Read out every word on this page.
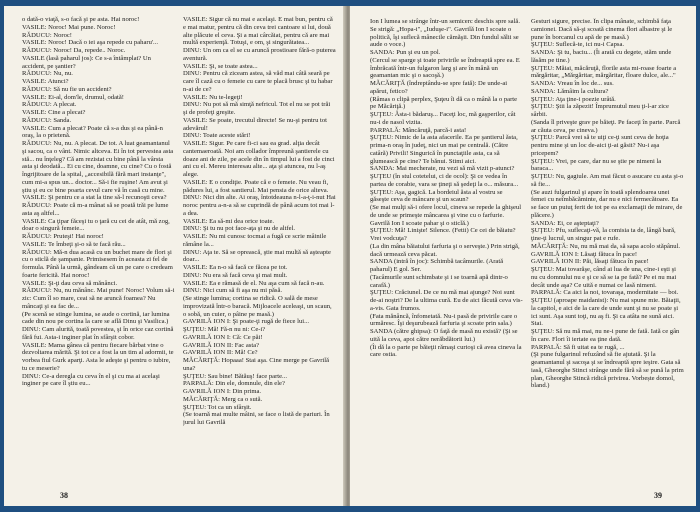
o dată-o viaţă, s-o facă şi pe asta. Hai noroc!
VASILE: Noroc! Mai pune. Noroc!
RĂDUCU: Noroc!
VASILE: Noroc! Dacă o iei aşa repede cu paharu'...
RĂDUCU: Noroc! Da, repede.. Noroc.
VASILE (lasă paharul jos): Ce s-a întâmplat? Un accident, pe şantier?
RĂDUCU: Nu, nu.
VASILE: Atunci?
RĂDUCU: Să nu fie un accident?
VASILE: Ei-al, dom'le, drumul, odată!
RĂDUCU: A plecat.
VASILE: Cine a plecat?
RĂDUCU: Sanda.
VASILE: Cum a plecat? Poate că s-a dus şi ea până-n oraş, la o prietenă.
RĂDUCU: Nu, nu. A plecat. De tot. A luat geamantanul şi sacou, ca o vânt. Nimic altceva. Ei în tot pervestea asta stă... nu înţeleg? Că am rezistat cu bine până la vârsta asta şi deodată... Ei cu cine, doamne, cu cine? Cu o fostă îngrijitoare de la spital, „accesibilă fără mari instanţe", cum mi-a spus un... doctor... Să-i fie ruşine! Am avut şi ştiu şi eu ce bine poarta cevul care vă în casă cu mine.
VASILE: Şi pentru ce a stat la tine să-l recunoşti ceva?
RĂDUCU: Poate că m-a mânat să se poată trăi pe lume asta aş altfel...
VASILE: Ca ţipar făceşi tu o ţară cu cei de atât, mă zog, doar o singură femeie...
RĂDUCU: Pruteşi! Hai noroc!
VASILE: Te îmbeţi şi-o să te facă rău...
RĂDUCU: Mă-n dua acasă cu un buchet mare de flori şi cu o sticlă de şampanie. Primisesem în aceasta zi fel de formula. Până la urmă, gândeam că un pe care o credeam foarte fericită. Hai noroc!
VASILE: Şi-ţi dau ceva să mănânci.
RĂDUCU: Nu, nu mănânc. Mai pune! Noroc! Volum să-i zic: Cum îl so mare, ceai să ne aruncă foamea? Nu mâncaţi şi ea fac de...
(Pe scenă se stinge lumina, se aude o cortină, iar lumina cade din nou pe cortina la care se află Dinu şi Vasilica.)
DINU: Cam alurită, toată povestea, şi în orice caz cortină fără fui. Asta-i inginer plat în sfârşit cobor.
VASILE: Mama gânea că pentru fiecare bărbat vine o dezvoltarea mărită. Şi tot ce a fost la un tim al adormii, te vorbea fiul Gurk aparţi. Asta le adeşte şi pentru o iubire, tu ce meserie?
DINU: Ce-a deregla cu ceva în el şi cu ma ai acelaşi inginer pe care îl ştiu eu...
VASILE: Sigur că nu mai e acelaşi. E mai bun, pentru că e mai matur, pentru că din ceva trei cantoare si lui, două alte plăcute el ceva. Şi a mai cârcăiat, pentru că are mai multă experienţă. Totuşi, e om, şi singurătatea...
DINU: Un om ca el se cu aruncă prostioare fără-o puterea aventură.
VASILE: Şi, se toate astea...
DINU: Pentru că ziceam astea, să văd mai câtă seară pe care îl cază cu o femeie cu care te placă brusc şi tu habar n-ai de ce?
VASILE: Nu te-legeţi!
DINU: Nu pot să mă simţă nefricul. Tot el nu se pot trăi şi de profeţi greşite.
VASILE: Se poate, trecutul directe! Se nu-şi pentru tot adevărul!
DINU: Toate aceste stări!
VASILE: Sigur. Pe care fi-ci sau ea grad. alţia decât cantemaeroată. Noi am collador împreună şantierele cu doaze ani de zile, pe acele din în timpul lui a fost de cinci ani cu el. Mereu interesau alte... aţa şi atuncea, nu l-aş alege.
VASILE: E o condiţie. Poate că e o femeie. Nu veau fi, pădures lui, a fost santierul. Mai pensia de orice alteva.
DINU: Nici din alte. Ai oraş, întotdeauna n-l-a-ţ-i-nut Hai noroc pentru a-n-a să se cuprindă de până acum tot mai l-a dea.
VASILE: Ea să-mi dea orice toate.
DINU: Şi tu nu pot face-aţa şi nu de altfel.
VASILE: Nu mi cunosc tocmai a fugă ce scrie mâinile rămâne la...
DINU: Aţa te. Să se oprească, ştie mai multă să aşteapte doar...
VASILE: Ea n-o să facă ce făcea pe tot.
DINU: Nu era să facă ceva şi mai mult.
VASILE: Ea e rămasă de el. Nu aşa cum să facă n-au.
DINU: Nici cum să fi aşa nu mi păsă.
(Se stinge lumina; cortina se ridică. O sală de mese improvizată într-o baracă. Mijloacele aceleaşi, un scaun, o sobă, un cuier, o pâine pe masă.)
GAVRILĂ ION I: Şi poate-ţi rugă de fiece lui...
ŞUŢEU: Mă! Fă-n nu ni: Ce-i?
GAVRILĂ ION I: Că: Ce păi!
GAVRILĂ ION II: Fac asta?
GAVRILĂ ION II: Mă! Ce?
MĂCĂRIŢĂ: Hopaaa! Stai aşa. Cine merge pe Gavrilă una?
ŞUŢEU: Sau bine! Bătăuş! face parte...
PARPALĂ: Din ele, domnule, din ele?
GAVRILĂ ION I: Din prima.
MĂCĂRIŢĂ: Merg ca o sută.
ŞUŢEU: Tot ca un sfârşit.
(Se toarnă mai multe mâini, se face o listă de pariuri. În jurul lui Gavrilă
38
Ion I lumea se strânge într-un semicerc deschis spre sală. Se strigă: „Hopa-i", „Iuduşe-i". Gavrilă Ion I scoate o politică, îşi suflecă mânecile cămăşii. Din fundul sălii se aude o voce.)
SANDA: Pun şi eu un pol.
(Cercul se sparge şi toate privirile se îndreaptă spre ea. E îmbrăcată într-un fulgaron larg şi are în mână un geamantan mic şi o sacoşă.)
MĂCĂRIŢĂ (îndreptându-se spre fată): De unde-ai apărut, fetico?
(Râmas o clipă perplex, Şuţeu îi dă ca o mână la o parte pe Măcăriţă.)
ŞUŢEU: Ăsta-i bădaruş... Faceţi loc, mă gaşperilor, cât nu-i de nasol vizita.
PARPALĂ: Mâncăruţă, parcă-i asta!
ŞUŢEU: Nimic de la asta afacerile. Ea pe şantierul ăsta, prima-n oraş în judeţ, nici un mai pe centrală. (Către catâră) Privili! Singurică în punctaţiile asta, ca să glumească pe cine? Te bănui. Stimi aici.
SANDA: Mai mecherate, nu vezi să mă vizit p-atunci?
ŞUŢEU (în stul cotetelui, ci de ocol): Şi ce vedea în partea de corabie, vara se ţineţi să şedeţi la o... măsura...
ŞUŢEU: Aşa, gagică. La bordeiul ăsta al vostru se găseşte ceva de mâncare şi un scaun?
(Se mai mulţi să-i ofere locul, cineva se repede la ghişeul de unde se primeşte mâncarea şi vine cu o farfurie. Gavrilă Ion I scoate pahar şi o sticlă.)
ŞUŢEU: Mă! Linişte! Silence. (Fetii) Ce cei de băiatu? Vrei vodcuţa?
(La din mâna băiatului farfuria şi o serveşte.) Prin strigă, dacă urmează ceva păcat.
SANDA (intră în joc): Schimbă tacâmurile. (Arată paharul) E gol. Ser.
(Tacâmurile sunt schimbate şi i se toarnă apă dintr-o carafă.)
ŞUŢEU: Crăciunel. De ce nu mă mai ajunge? Noi sunt de-ai noştri? De la ultima cură. Eu de aici făcută ceva vis-a-vis. Gata frumos.
(Fata mănâncă, înfometată. Nu-i pasă de privirile care o urmăresc. Îşi deşurubează farfuria şi scoate prin sala.)
SANDA (către ghipsa): O faţă de masă nu există? (Şi se uită la ceva, apoi către nerăbdătorii lui.)
(Îi dă la o parte pe băieţii rămaşi curioşi că avea cineva la care ostia.
Gesturi sigure, precise. În clipa mânate, schimbă faţa camionei. Dacă să-şi scoată cinema flori albastre şi le pune în borcanul cu apă de pe masă.)
ŞUŢEU: Suflecă-te, ici nu-i Capsa.
SANDA: Şi tu, baciu... (Îi arată cu degete, stăm unde lăsăm pe tine.)
ŞUŢEU: Măiai, măcăruţă, florile asta mi-roase foarte a mărgăritar, „Mărgăritar, mărgăritar, floare dulce, ale..."
SANDA: Vreau în loc de... sus.
SANDA: Lămâim la cultura?
ŞUŢEU: Aţa ţine-i poezie urâtă.
ŞUŢEU: Ştii la zăpezit! Împrumutul meu ţi-l-ar zice sârbii.
(Sanda îl priveşte grav pe băieţi. Pe faceţi în parte. Parcă ar căuta ceva, pe cineva.)
ŞUŢEU: Parcă vrei să te uiţi ce-ţi sunt ceva de hoţia pentru mine şi un loc de-aici ţi-ai găsit? Nu-i aşa pricepem?
ŞUŢEU: Vrei, pe care, dar nu se ştie pe nimeni la baraca...
ŞUŢEU: Nu, gagiule. Am mai făcut o asucare cu asta şi-o să fie...
(Se auzi fulgarinul şi apare în toată splendoarea unei femei cu neîmbăcăminte, dar nu e nici fermecătoare. Ea se face un puiuţ ferit de tot pe ea exclamaţii de mirare, de plăcere.)
SANDA: Ei, ce aşteptaţi?
ŞUŢEU: Pfu, suflecaţi-vă, la comisia ta de, lângă bară, ţine-ţi lucrul, un singur pat e rufe.
MĂCĂRIŢĂ: Nu, nu mă mai da, să sapa acolo stăpânul.
GAVRILĂ ION I: Lăsaţi fătuca în pace!
GAVRILĂ ION II: Păi, lăsaţi fătuca în pace!
ŞUŢEU: Mai tovarăşe, când ai lua de una, cine-i eşti şi nu cu domnului nu e şi ce să se ia pe fată? Pe ei nu mai decât unde aşa? Ce uită e numai ce lasă nimeni.
PARPALĂ: Ca aici la noi, tovaraşa, modernitate — boi.
ŞUŢEU (aproape maidanist): Nu mai spune mie. Băiaţii, la capitol, e aici de la care de unde sunt şi nu se poate şi ici sunt. Aşa sunt toţi, nu aş fi. Şi ca atâta ne sună aici. Stai.
ŞUŢEU: Să nu mă mai, nu ne-i pune de fată. Iată ce gân în care. Flori îi iertate ea ţine dată.
PARPALĂ: Să fi uitat ea te rugă, ...
(Şi pune fulgarinul refuzând să fie ajutată. Şi la geamantanul şi sacoşa şi se îndreaptă spre ieşire. Gata să iasă, Gheorghe Stinci strânge unde fără să se pună la prim plan, Gheorghe Stincă ridică privirea. Vorbește domol, bland.)
39
